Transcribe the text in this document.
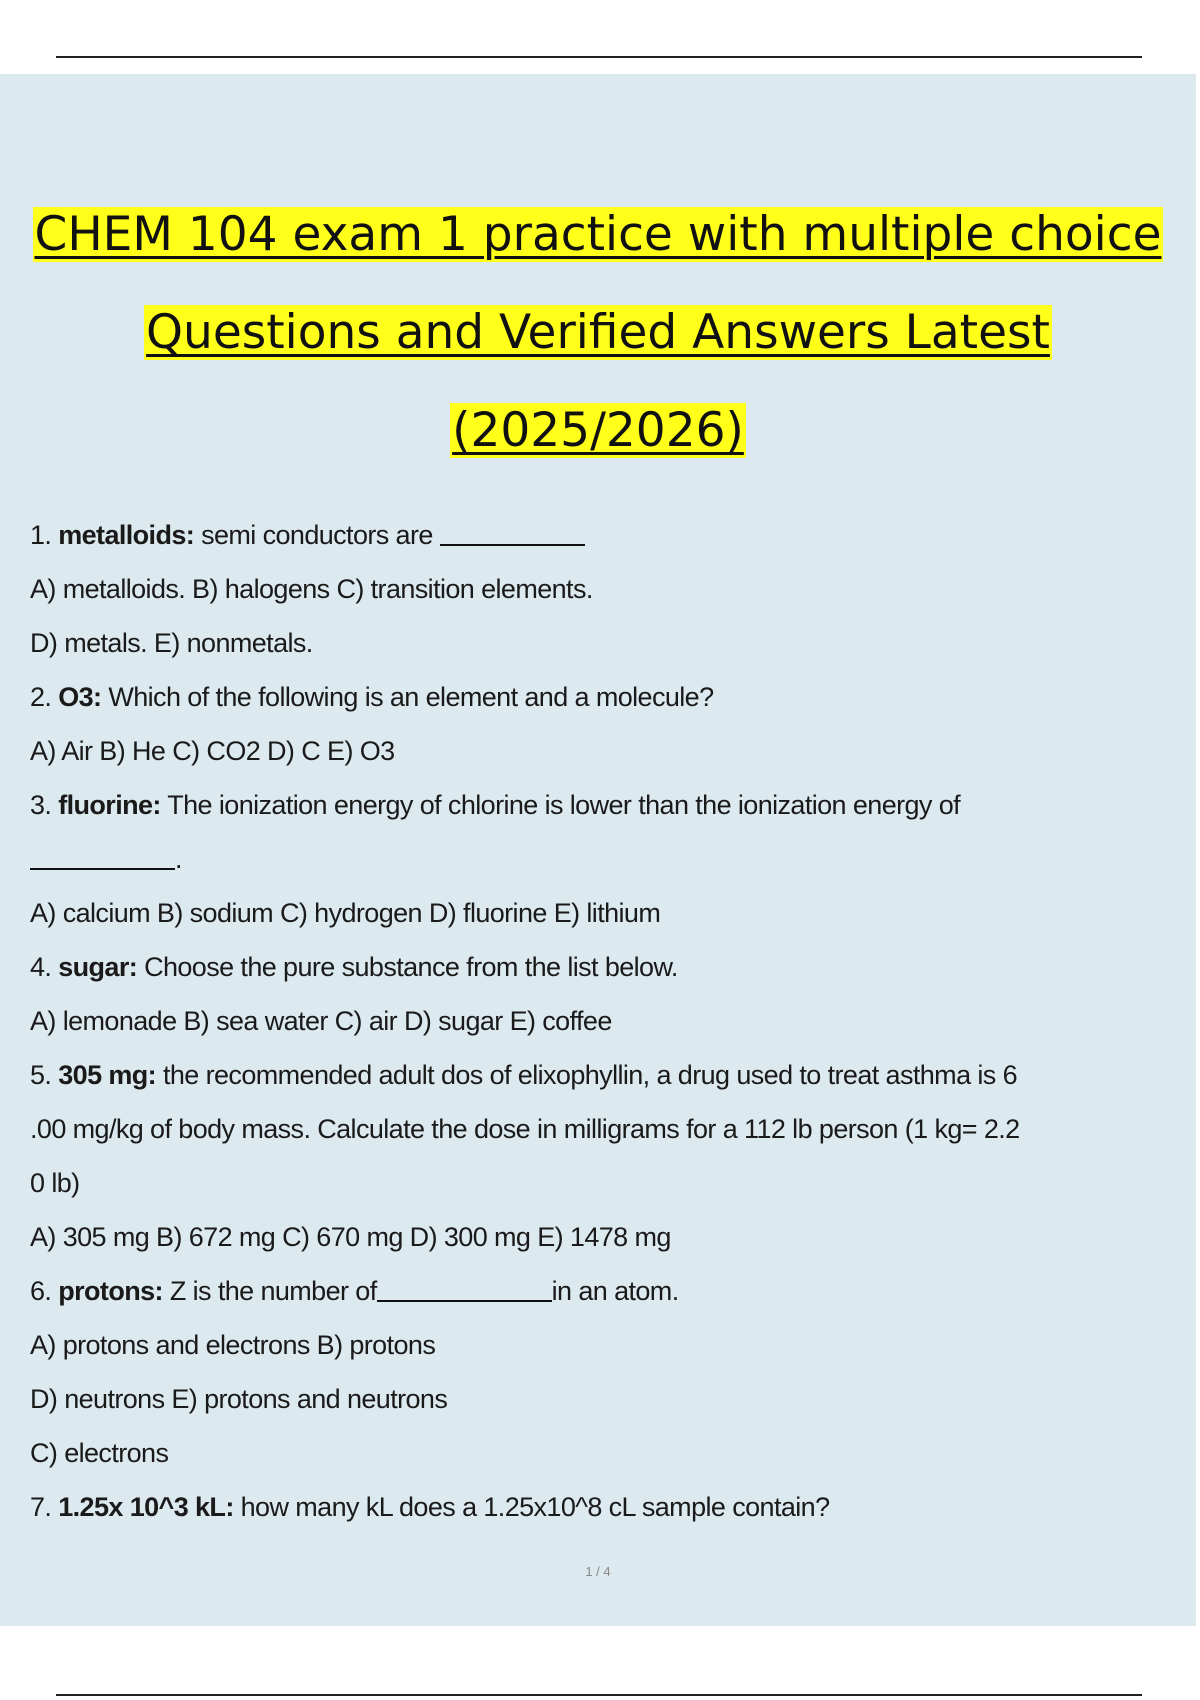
CHEM 104 exam 1 practice with multiple choice
Questions and Verified Answers Latest
(2025/2026)
1. metalloids: semi conductors are
A) metalloids. B) halogens C) transition elements.
D) metals. E) nonmetals.
2. O3: Which of the following is an element and a molecule?
A) Air B) He C) CO2 D) C E) O3
3. fluorine: The ionization energy of chlorine is lower than the ionization energy of
.
A) calcium B) sodium C) hydrogen D) fluorine E) lithium
4. sugar: Choose the pure substance from the list below.
A) lemonade B) sea water C) air D) sugar E) coffee
5. 305 mg: the recommended adult dos of elixophyllin, a drug used to treat asthma is 6
.00 mg/kg of body mass. Calculate the dose in milligrams for a 112 lb person (1 kg= 2.2
0 lb)
A) 305 mg B) 672 mg C) 670 mg D) 300 mg E) 1478 mg
6. protons: Z is the number of	in an atom.
A) protons and electrons B) protons
D) neutrons E) protons and neutrons
C) electrons
7. 1.25x 10^3 kL: how many kL does a 1.25x10^8 cL sample contain?
1 / 4
